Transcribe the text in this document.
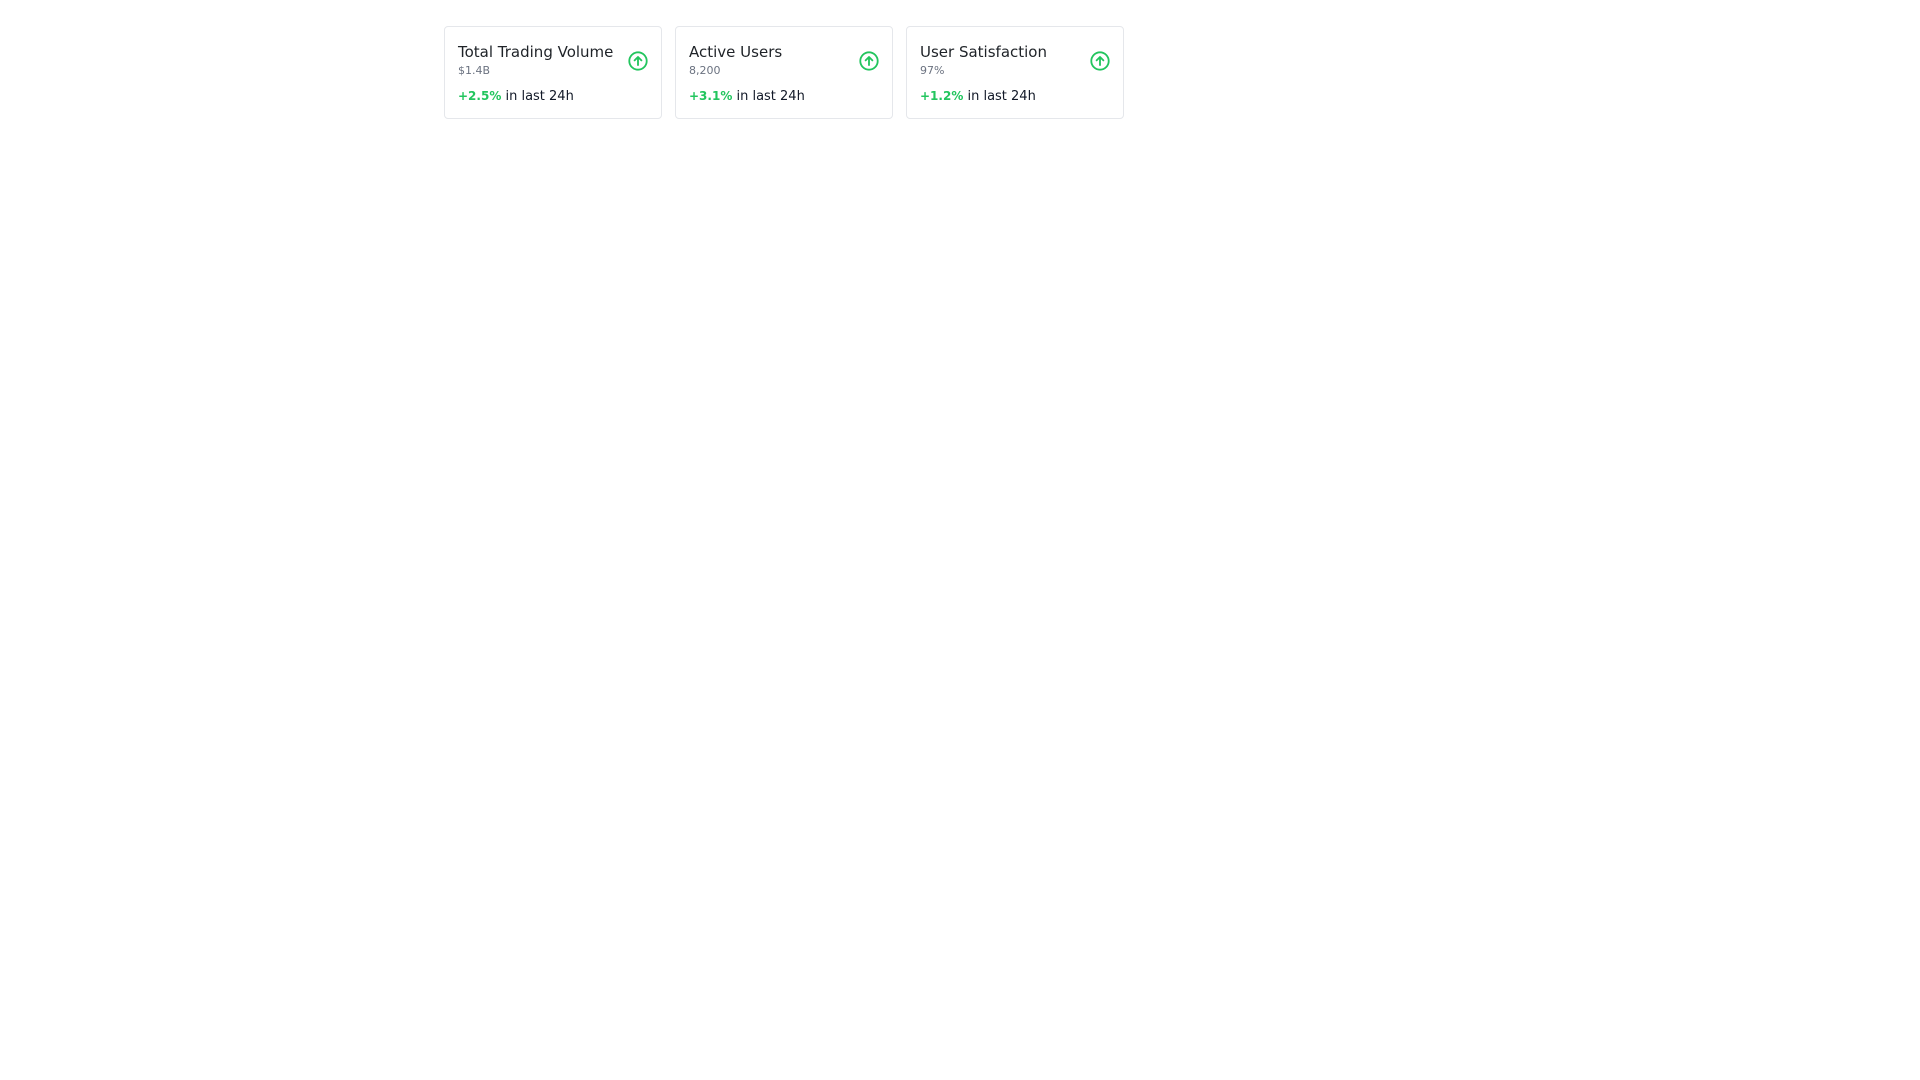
Total Trading Volume
$1.4B
+2.5% in last 24h
Active Users
8,200
+3.1% in last 24h
User Satisfaction
97%
+1.2% in last 24h
